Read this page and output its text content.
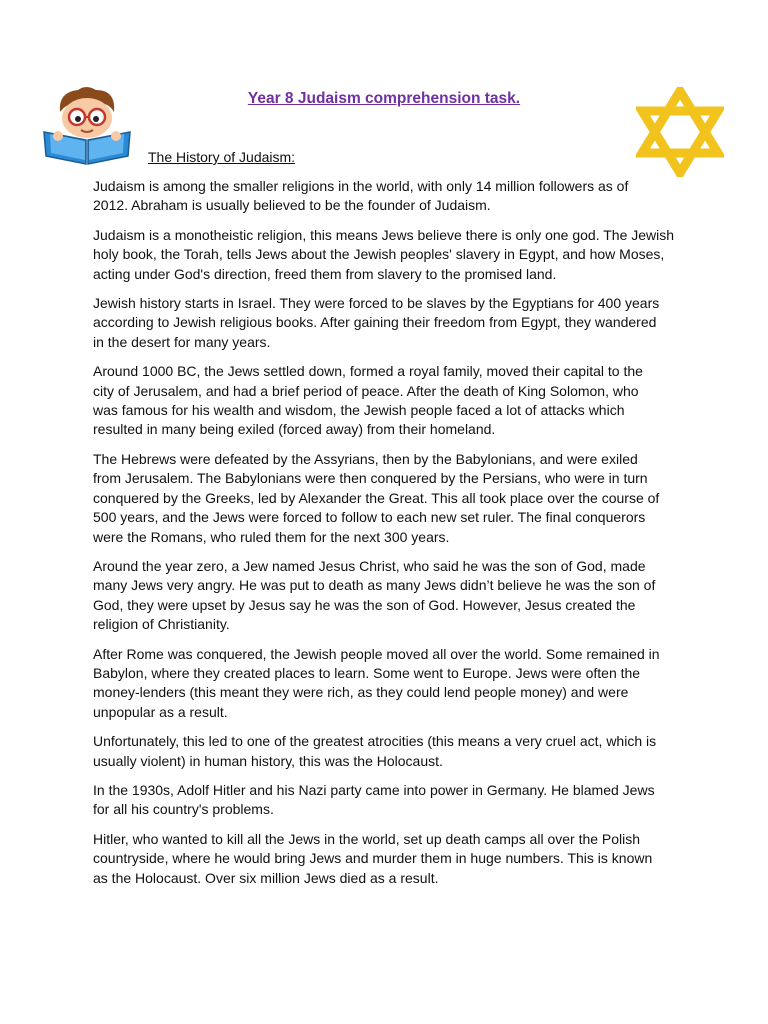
Year 8 Judaism comprehension task.
The History of Judaism:

Judaism is among the smaller religions in the world, with only 14 million followers as of
2012. Abraham is usually believed to be the founder of Judaism.

Judaism is a monotheistic religion, this means Jews believe there is only one god. The Jewish
holy book, the Torah, tells Jews about the Jewish peoples' slavery in Egypt, and how Moses,
acting under God's direction, freed them from slavery to the promised land.

Jewish history starts in Israel. They were forced to be slaves by the Egyptians for 400 years
according to Jewish religious books. After gaining their freedom from Egypt, they wandered
in the desert for many years.

Around 1000 BC, the Jews settled down, formed a royal family, moved their capital to the
city of Jerusalem, and had a brief period of peace. After the death of King Solomon, who
was famous for his wealth and wisdom, the Jewish people faced a lot of attacks which
resulted in many being exiled (forced away) from their homeland.

The Hebrews were defeated by the Assyrians, then by the Babylonians, and were exiled
from Jerusalem. The Babylonians were then conquered by the Persians, who were in turn
conquered by the Greeks, led by Alexander the Great. This all took place over the course of
500 years, and the Jews were forced to follow to each new set ruler. The final conquerors
were the Romans, who ruled them for the next 300 years.

Around the year zero, a Jew named Jesus Christ, who said he was the son of God, made
many Jews very angry. He was put to death as many Jews didn’t believe he was the son of
God, they were upset by Jesus say he was the son of God. However, Jesus created the
religion of Christianity.

After Rome was conquered, the Jewish people moved all over the world. Some remained in
Babylon, where they created places to learn. Some went to Europe. Jews were often the
money-lenders (this meant they were rich, as they could lend people money) and were
unpopular as a result.

Unfortunately, this led to one of the greatest atrocities (this means a very cruel act, which is
usually violent) in human history, this was the Holocaust.

In the 1930s, Adolf Hitler and his Nazi party came into power in Germany. He blamed Jews
for all his country's problems.

Hitler, who wanted to kill all the Jews in the world, set up death camps all over the Polish
countryside, where he would bring Jews and murder them in huge numbers. This is known
as the Holocaust. Over six million Jews died as a result.
